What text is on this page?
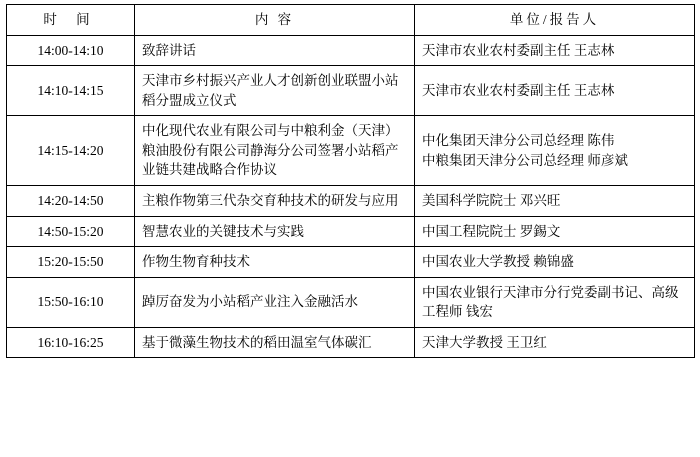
时 间	内 容	单位/报告人
14:00-14:10	致辞讲话	天津市农业农村委副主任 王志林

14:10-14:15	天津市乡村振兴产业人才创新创业联盟小站稻分盟成立仪式	天津市农业农村委副主任 王志林

14:15-14:20	中化现代农业有限公司与中粮利金（天津）粮油股份有限公司静海分公司签署小站稻产业链共建战略合作协议	中化集团天津分公司总经理 陈伟
中粮集团天津分公司总经理 师彦斌

14:20-14:50	主粮作物第三代杂交育种技术的研发与应用	美国科学院院士 邓兴旺

14:50-15:20	智慧农业的关键技术与实践	中国工程院院士 罗錫文

15:20-15:50	作物生物育种技术	中国农业大学教授 赖锦盛

15:50-16:10	踔厉奋发为小站稻产业注入金融活水	中国农业银行天津市分行党委副书记、高级工程师 钱宏

16:10-16:25	基于微藻生物技术的稻田温室气体碳汇	天津大学教授 王卫红
